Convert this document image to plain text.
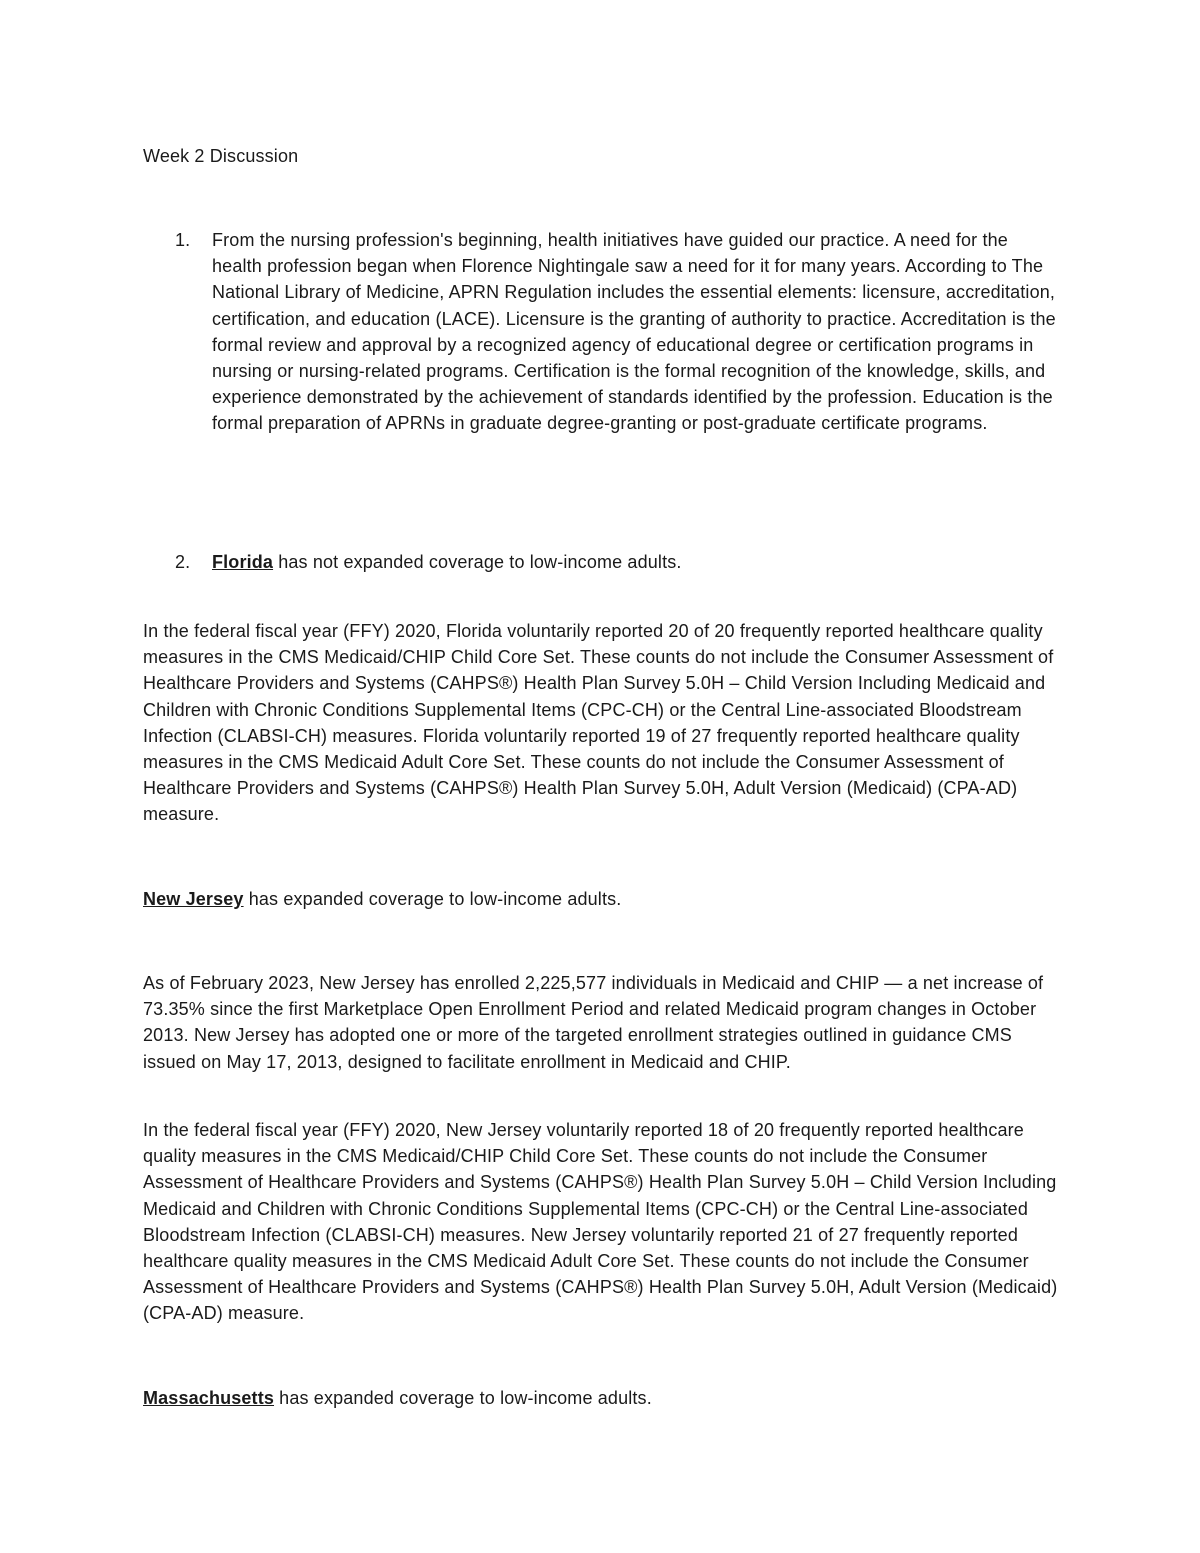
Week 2 Discussion

1. From the nursing profession's beginning, health initiatives have guided our practice. A need for the health profession began when Florence Nightingale saw a need for it for many years. According to The National Library of Medicine, APRN Regulation includes the essential elements: licensure, accreditation, certification, and education (LACE). Licensure is the granting of authority to practice. Accreditation is the formal review and approval by a recognized agency of educational degree or certification programs in nursing or nursing-related programs. Certification is the formal recognition of the knowledge, skills, and experience demonstrated by the achievement of standards identified by the profession. Education is the formal preparation of APRNs in graduate degree-granting or post-graduate certificate programs.

2. Florida has not expanded coverage to low-income adults.

In the federal fiscal year (FFY) 2020, Florida voluntarily reported 20 of 20 frequently reported healthcare quality measures in the CMS Medicaid/CHIP Child Core Set. These counts do not include the Consumer Assessment of Healthcare Providers and Systems (CAHPS®) Health Plan Survey 5.0H – Child Version Including Medicaid and Children with Chronic Conditions Supplemental Items (CPC-CH) or the Central Line-associated Bloodstream Infection (CLABSI-CH) measures. Florida voluntarily reported 19 of 27 frequently reported healthcare quality measures in the CMS Medicaid Adult Core Set. These counts do not include the Consumer Assessment of Healthcare Providers and Systems (CAHPS®) Health Plan Survey 5.0H, Adult Version (Medicaid) (CPA-AD) measure.

New Jersey has expanded coverage to low-income adults.

As of February 2023, New Jersey has enrolled 2,225,577 individuals in Medicaid and CHIP — a net increase of 73.35% since the first Marketplace Open Enrollment Period and related Medicaid program changes in October 2013. New Jersey has adopted one or more of the targeted enrollment strategies outlined in guidance CMS issued on May 17, 2013, designed to facilitate enrollment in Medicaid and CHIP.

In the federal fiscal year (FFY) 2020, New Jersey voluntarily reported 18 of 20 frequently reported healthcare quality measures in the CMS Medicaid/CHIP Child Core Set. These counts do not include the Consumer Assessment of Healthcare Providers and Systems (CAHPS®) Health Plan Survey 5.0H – Child Version Including Medicaid and Children with Chronic Conditions Supplemental Items (CPC-CH) or the Central Line-associated Bloodstream Infection (CLABSI-CH) measures. New Jersey voluntarily reported 21 of 27 frequently reported healthcare quality measures in the CMS Medicaid Adult Core Set. These counts do not include the Consumer Assessment of Healthcare Providers and Systems (CAHPS®) Health Plan Survey 5.0H, Adult Version (Medicaid) (CPA-AD) measure.

Massachusetts has expanded coverage to low-income adults.
